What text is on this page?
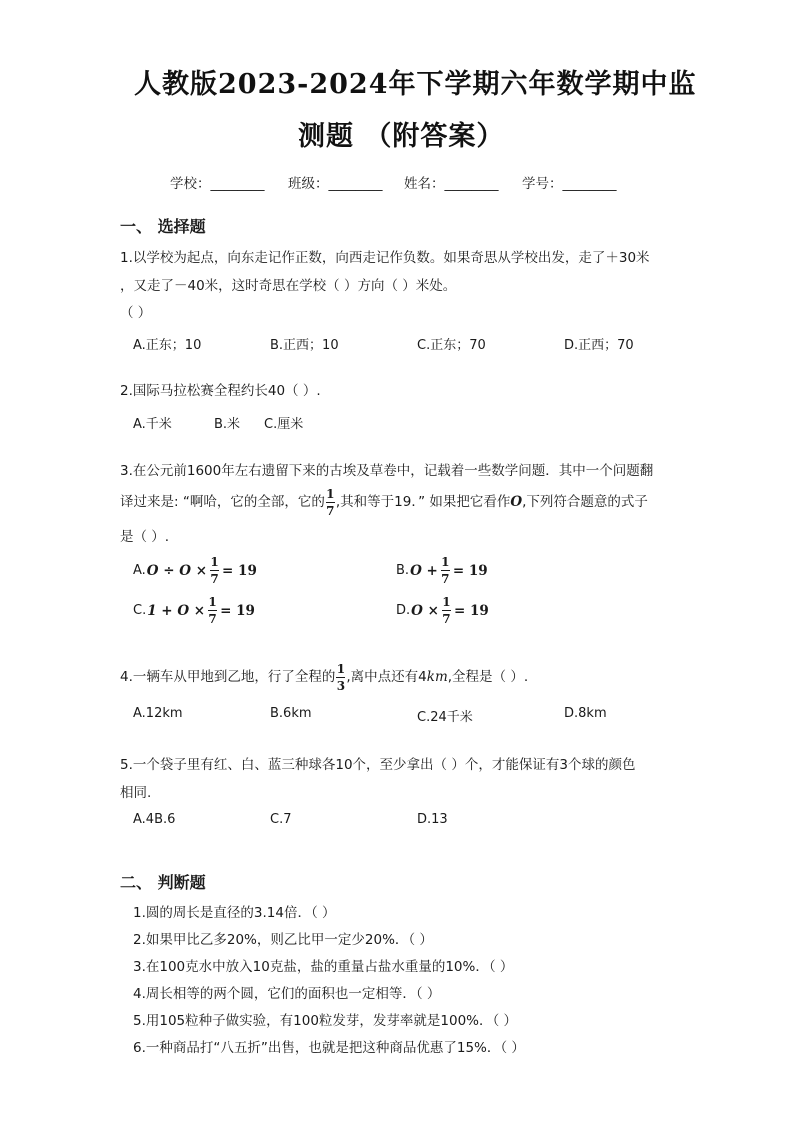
人教版2023-2024年下学期六年数学期中监
测题 （附答案）
学校：________ 班级：________ 姓名：________ 学号：________
一、 选择题
1.以学校为起点，向东走记作正数，向西走记作负数。如果奇思从学校出发，走了＋30米
，又走了－40米，这时奇思在学校（ ）方向（ ）米处。
（ ）
A.正东；10	B.正西；10	C.正东；70	D.正西；70
2.国际马拉松赛全程约长40（ ）.
A.千米	B.米 C.厘米
3.在公元前1600年左右遗留下来的古埃及草卷中，记载着一些数学问题．其中一个问题翻
译过来是: “啊哈，它的全部，它的 $\frac{1}{7}$ ,其和等于19．” 如果把它看作 O ,下列符合题意的式子
是（ ）.
A. $O \div O \times \frac{1}{7} = 19$	B. $O + \frac{1}{7} = 19$
C. $1 + O \times \frac{1}{7} = 19$	D. $O \times \frac{1}{7} = 19$
4.一辆车从甲地到乙地，行了全程的 $\frac{1}{3}$ ,离中点还有4 km ,全程是（ ）.
A.12km	B.6km	C.24千米	D.8km
5.一个袋子里有红、白、蓝三种球各10个，至少拿出（ ）个，才能保证有3个球的颜色
相同.
A.4B.6	C.7	D.13
二、 判断题
1.圆的周长是直径的3.14倍．（ ）
2.如果甲比乙多20%，则乙比甲一定少20%．（ ）
3.在100克水中放入10克盐，盐的重量占盐水重量的10%．（ ）
4.周长相等的两个圆，它们的面积也一定相等．（ ）
5.用105粒种子做实验，有100粒发芽，发芽率就是100%．（ ）
6.一种商品打“八五折”出售，也就是把这种商品优惠了15%．（ ）
